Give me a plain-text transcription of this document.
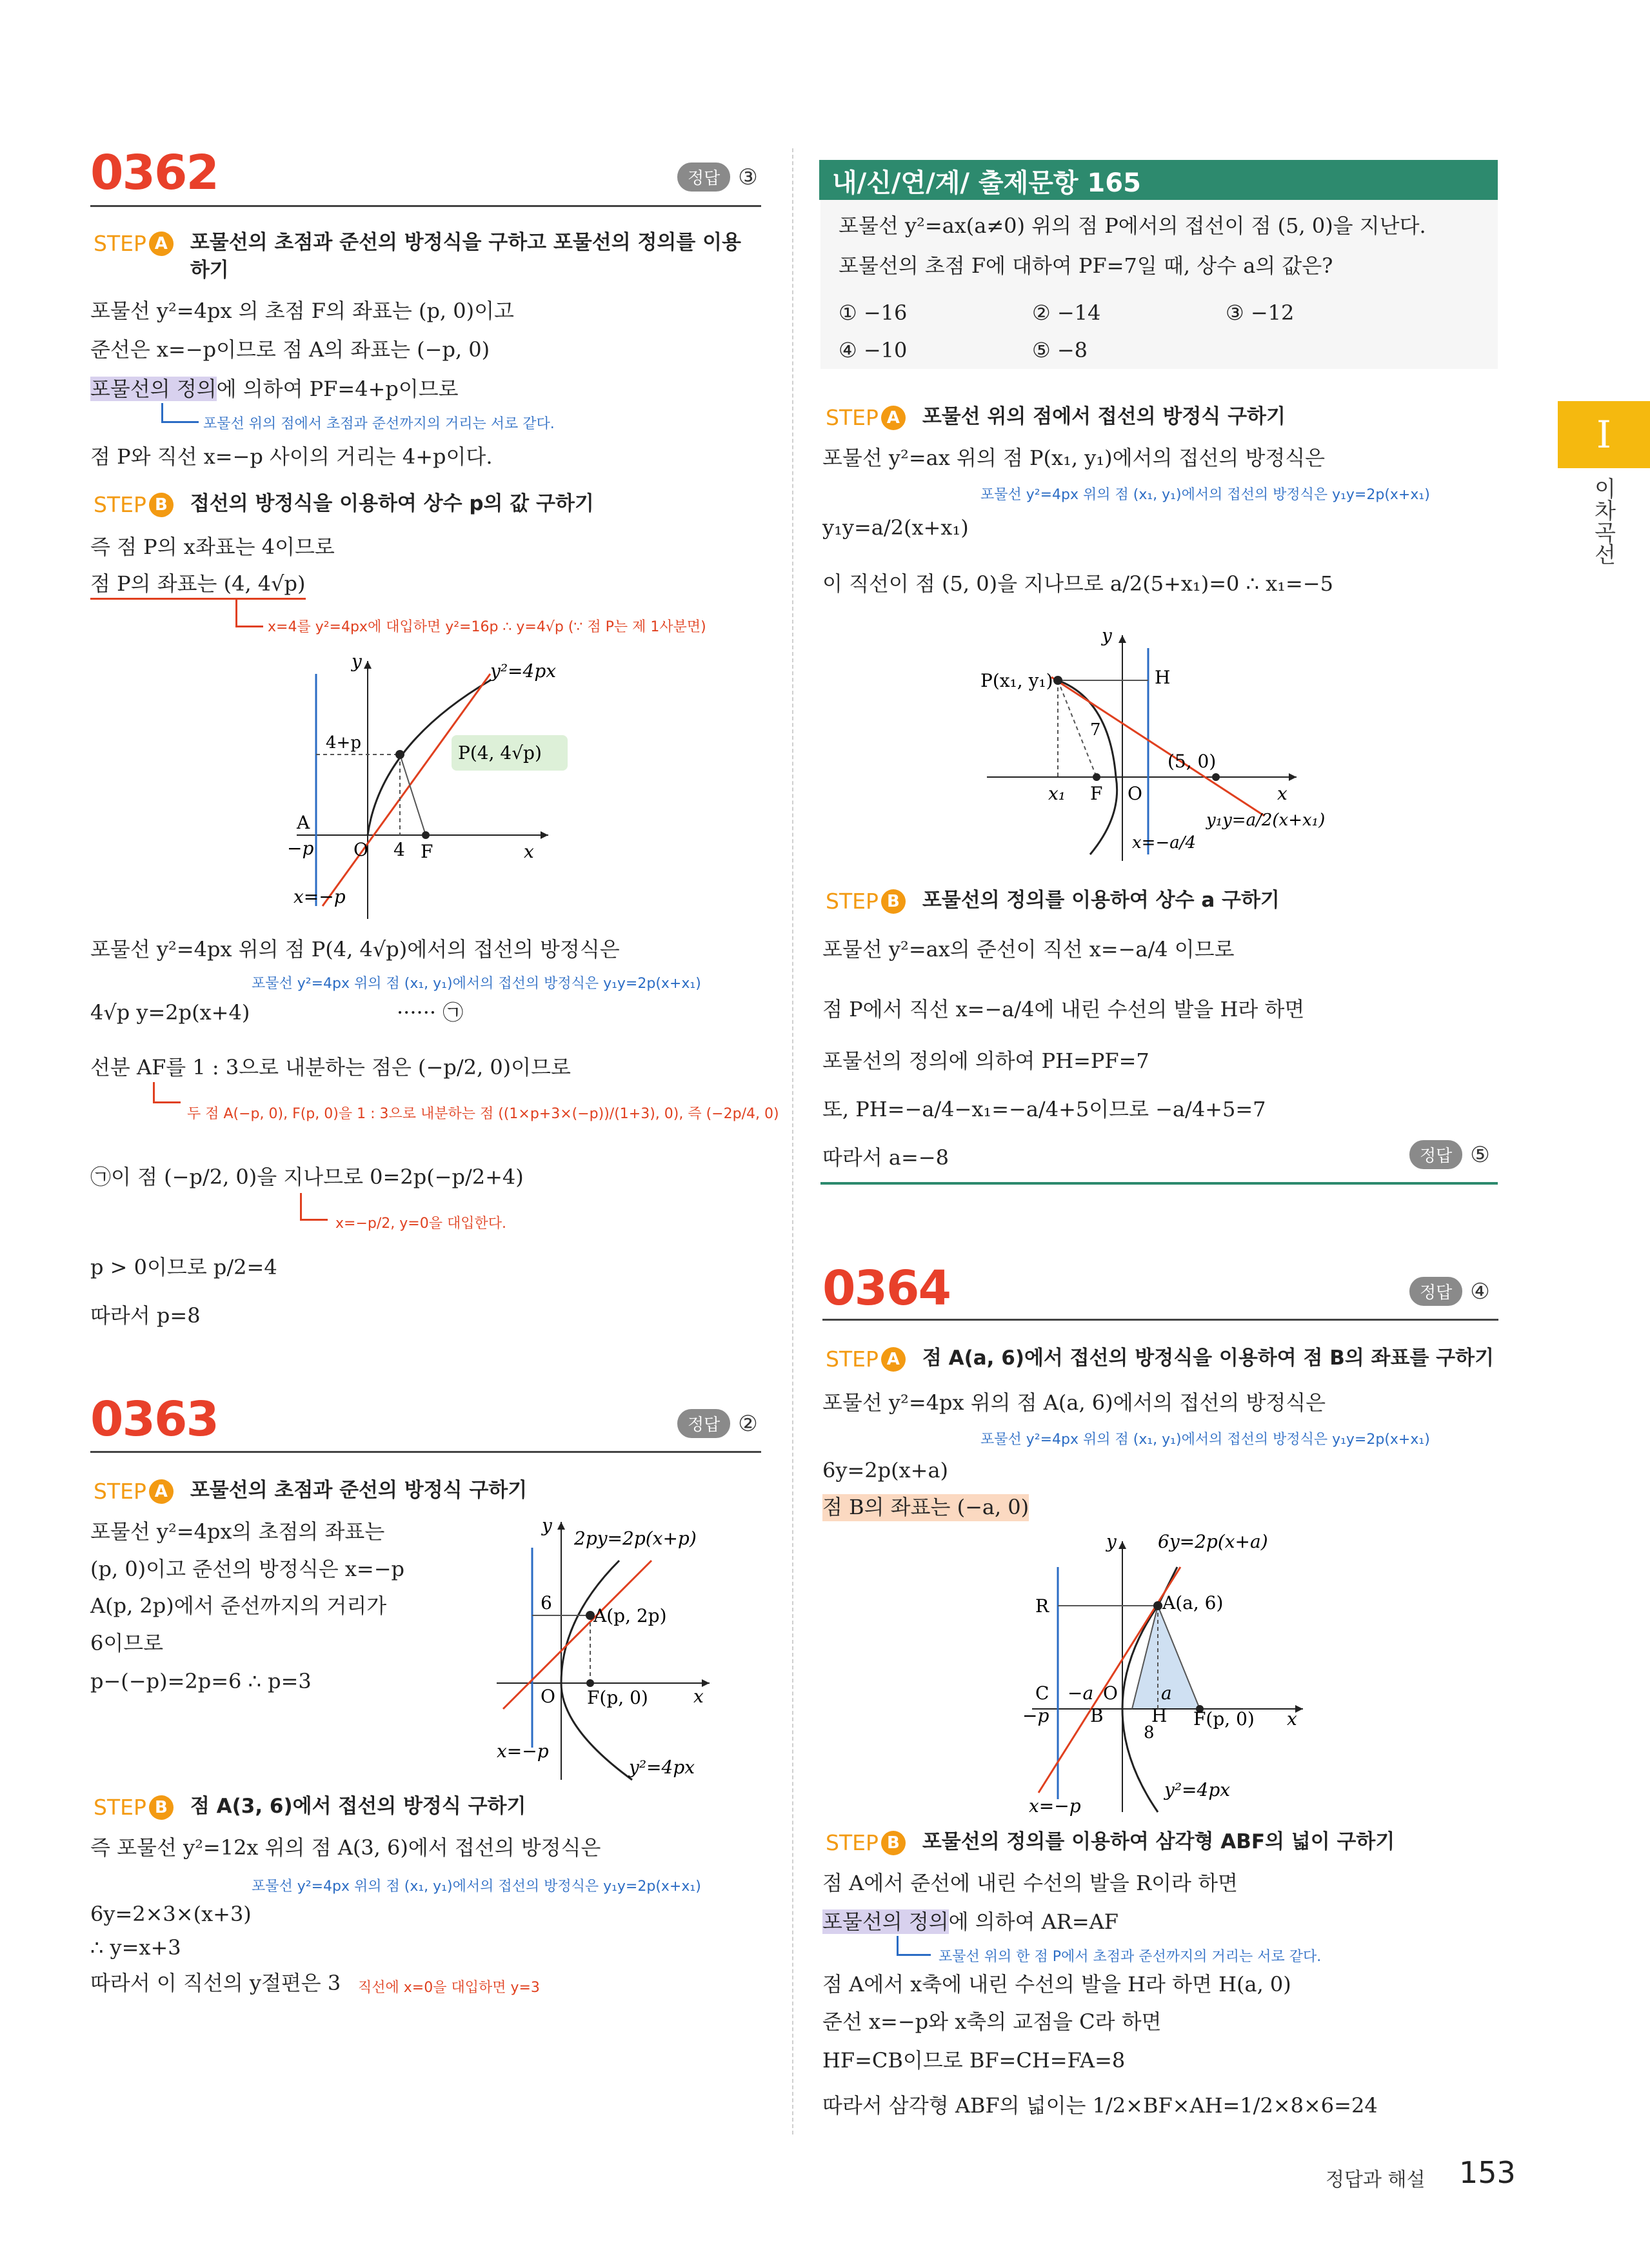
0362	정답 ③
STEP A 포물선의 초점과 준선의 방정식을 구하고 포물선의 정의를 이용하기
포물선 y²=4px 의 초점 F의 좌표는 (p, 0)이고
준선은 x=−p이므로 점 A의 좌표는 (−p, 0)
포물선의 정의에 의하여 PF=4+p이므로
포물선 위의 점에서 초점과 준선까지의 거리는 서로 같다.
점 P와 직선 x=−p 사이의 거리는 4+p이다.
STEP B 접선의 방정식을 이용하여 상수 p의 값 구하기
즉 점 P의 x좌표는 4이므로
점 P의 좌표는 (4, 4√p)
x=4를 y²=4px에 대입하면 y²=16p ∴ y=4√p (∵ 점 P는 제 1사분면)
y²=4px
y
x
4+p	P(4, 4√p)
A
−p O 4 F
x=−p
포물선 y²=4px 위의 점 P(4, 4√p)에서의 접선의 방정식은
포물선 y²=4px 위의 점 (x₁, y₁)에서의 접선의 방정식은 y₁y=2p(x+x₁)
4√p y=2p(x+4)	······ ㉠
선분 AF를 1 : 3으로 내분하는 점은 (−p/2, 0)이므로
두 점 A(−p, 0), F(p, 0)을 1 : 3으로 내분하는 점 ((1×p+3×(−p))/(1+3), 0), 즉 (−2p/4, 0)
㉠이 점 (−p/2, 0)을 지나므로 0=2p(−p/2+4)
x=−p/2, y=0을 대입한다.
p > 0이므로 p/2=4
따라서 p=8
0363	정답 ②
STEP A 포물선의 초점과 준선의 방정식 구하기
포물선 y²=4px의 초점의 좌표는
(p, 0)이고 준선의 방정식은 x=−p
A(p, 2p)에서 준선까지의 거리가
6이므로
p−(−p)=2p=6 ∴ p=3
2py=2p(x+p)
y
6
A(p, 2p)
O F(p, 0)	x
x=−p
y²=4px
STEP B 점 A(3, 6)에서 접선의 방정식 구하기
즉 포물선 y²=12x 위의 점 A(3, 6)에서 접선의 방정식은
포물선 y²=4px 위의 점 (x₁, y₁)에서의 접선의 방정식은 y₁y=2p(x+x₁)
6y=2×3×(x+3)
∴ y=x+3
따라서 이 직선의 y절편은 3 직선에 x=0을 대입하면 y=3
내/신/연/계/ 출제문항 165
포물선 y²=ax(a≠0) 위의 점 P에서의 접선이 점 (5, 0)을 지난다.
포물선의 초점 F에 대하여 PF=7일 때, 상수 a의 값은?
① −16	② −14	③ −12
④ −10	⑤ −8
STEP A 포물선 위의 점에서 접선의 방정식 구하기
포물선 y²=ax 위의 점 P(x₁, y₁)에서의 접선의 방정식은
포물선 y²=4px 위의 점 (x₁, y₁)에서의 접선의 방정식은 y₁y=2p(x+x₁)
y₁y=a/2(x+x₁)
이 직선이 점 (5, 0)을 지나므로 a/2(5+x₁)=0 ∴ x₁=−5
y
P(x₁, y₁)	H
7
(5, 0)
x₁ F O	x
x=−a/4
y₁y=a/2(x+x₁)
STEP B 포물선의 정의를 이용하여 상수 a 구하기
포물선 y²=ax의 준선이 직선 x=−a/4 이므로
점 P에서 직선 x=−a/4에 내린 수선의 발을 H라 하면
포물선의 정의에 의하여 PH=PF=7
또, PH=−a/4−x₁=−a/4+5이므로 −a/4+5=7
따라서 a=−8	정답 ⑤
0364	정답 ④
STEP A 점 A(a, 6)에서 접선의 방정식을 이용하여 점 B의 좌표를 구하기
포물선 y²=4px 위의 점 A(a, 6)에서의 접선의 방정식은
포물선 y²=4px 위의 점 (x₁, y₁)에서의 접선의 방정식은 y₁y=2p(x+x₁)
6y=2p(x+a)
점 B의 좌표는 (−a, 0)
y 6y=2p(x+a)
R	A(a, 6)
C −a O a
−p B	H F(p, 0) x
8
y²=4px
x=−p
STEP B 포물선의 정의를 이용하여 삼각형 ABF의 넓이 구하기
점 A에서 준선에 내린 수선의 발을 R이라 하면
포물선의 정의에 의하여 AR=AF
포물선 위의 한 점 P에서 초점과 준선까지의 거리는 서로 같다.
점 A에서 x축에 내린 수선의 발을 H라 하면 H(a, 0)
준선 x=−p와 x축의 교점을 C라 하면
HF=CB이므로 BF=CH=FA=8
따라서 삼각형 ABF의 넓이는 1/2×BF×AH=1/2×8×6=24
I
이차곡선
정답과 해설 153
